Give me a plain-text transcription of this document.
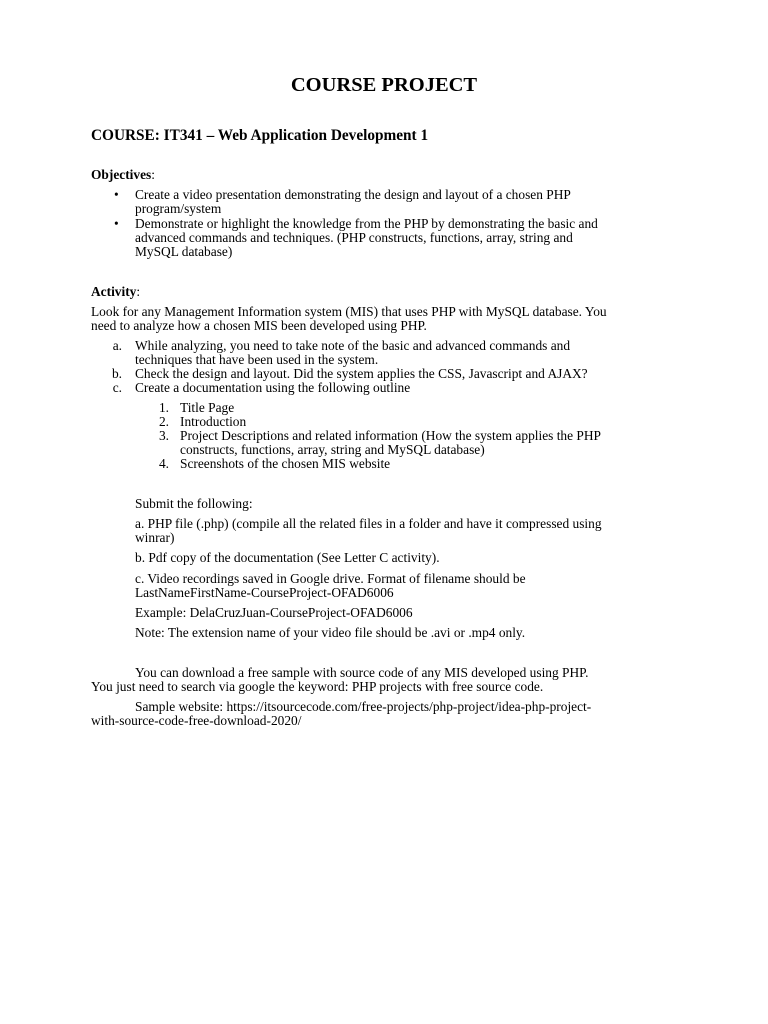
COURSE PROJECT
COURSE: IT341 – Web Application Development 1
Objectives:
• Create a video presentation demonstrating the design and layout of a chosen PHP
program/system
• Demonstrate or highlight the knowledge from the PHP by demonstrating the basic and
advanced commands and techniques. (PHP constructs, functions, array, string and
MySQL database)
Activity:
Look for any Management Information system (MIS) that uses PHP with MySQL database. You
need to analyze how a chosen MIS been developed using PHP.
a. While analyzing, you need to take note of the basic and advanced commands and
techniques that have been used in the system.
b. Check the design and layout. Did the system applies the CSS, Javascript and AJAX?
c. Create a documentation using the following outline
1. Title Page
2. Introduction
3. Project Descriptions and related information (How the system applies the PHP
constructs, functions, array, string and MySQL database)
4. Screenshots of the chosen MIS website
Submit the following:
a. PHP file (.php) (compile all the related files in a folder and have it compressed using
winrar)
b. Pdf copy of the documentation (See Letter C activity).
c. Video recordings saved in Google drive. Format of filename should be
LastNameFirstName-CourseProject-OFAD6006
Example: DelaCruzJuan-CourseProject-OFAD6006
Note: The extension name of your video file should be .avi or .mp4 only.
You can download a free sample with source code of any MIS developed using PHP.
You just need to search via google the keyword: PHP projects with free source code.
Sample website: https://itsourcecode.com/free-projects/php-project/idea-php-project-
with-source-code-free-download-2020/
